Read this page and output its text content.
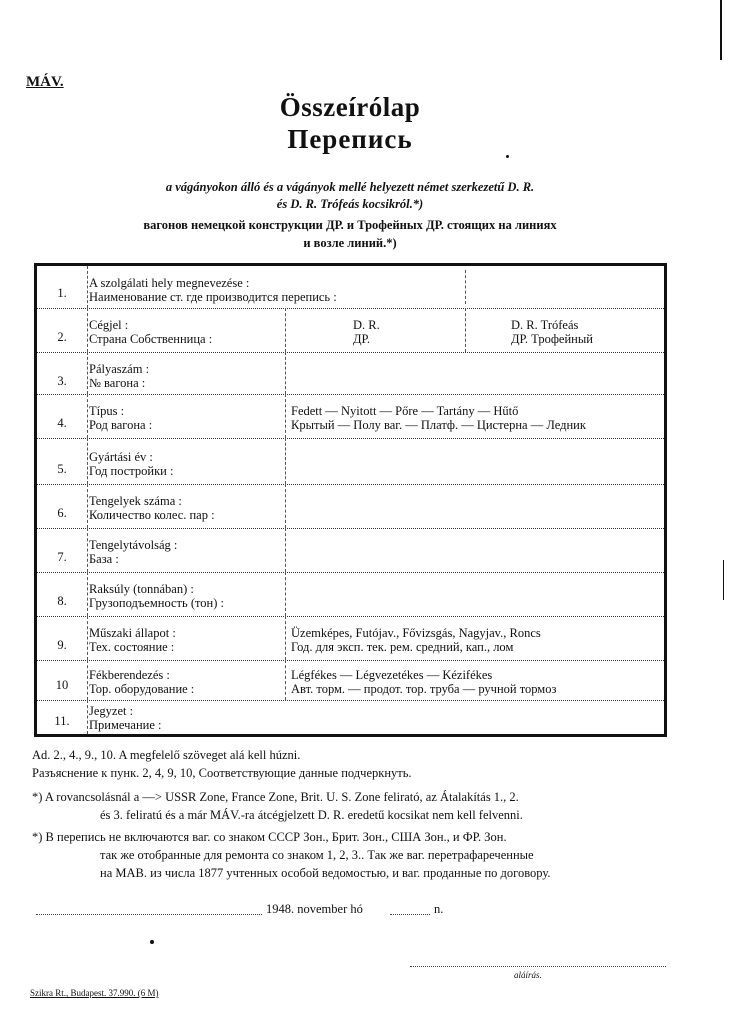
MÁV.
Összeírólap
Перепись
a vágányokon álló és a vágányok mellé helyezett német szerkezetű D. R.
és D. R. Trófeás kocsikról.*)
вагонов немецкой конструкции ДР. и Трофейных ДР. стоящих на линиях
и возле линий.*)
1.
A szolgálati hely megnevezése :
Наименование ст. где производится перепись :
2.
Cégjel :
Страна Собственница :
D. R.
ДР.
D. R. Trófeás
ДР. Трофейный
3.
Pályaszám :
№ вагона :
4.
Típus :
Род вагона :
Fedett — Nyitott — Pőre — Tartány — Hűtő
Крытый — Полу ваг. — Платф. — Цистерна — Ледник
5.
Gyártási év :
Год постройки :
6.
Tengelyek száma :
Количество колес. пар :
7.
Tengelytávolság :
База :
8.
Raksúly (tonnában) :
Грузоподъемность (тон) :
9.
Műszaki állapot :
Тех. состояние :
Üzemképes, Futójav., Fővizsgás, Nagyjav., Roncs
Год. для эксп. тек. рем. средний, кап., лом
10
Fékberendezés :
Тор. оборудование :
Légfékes — Légvezetékes — Kézifékes
Авт. торм. — продот. тор. труба — ручной тормоз
11.
Jegyzet :
Примечание :
Ad. 2., 4., 9., 10. A megfelelő szöveget alá kell húzni.
Разъяснение к пунк. 2, 4, 9, 10, Соответствующие данные подчеркнуть.
*) A rovancsolásnál a —> USSR Zone, France Zone, Brit. U. S. Zone felirató, az Átalakítás 1., 2.
és 3. feliratú és a már MÁV.-ra átcégjelzett D. R. eredetű kocsikat nem kell felvenni.
*) В перепись не включаются ваг. со знаком СССР Зон., Брит. Зон., США Зон., и ФР. Зон.
так же отобранные для ремонта со знаком 1, 2, 3.. Так же ваг. перетрафареченные
на МАВ. из числа 1877 учтенных особой ведомостью, и ваг. проданные по договору.
1948. november hó	n.
aláírás.
Szikra Rt., Budapest. 37.990. (6 M)
